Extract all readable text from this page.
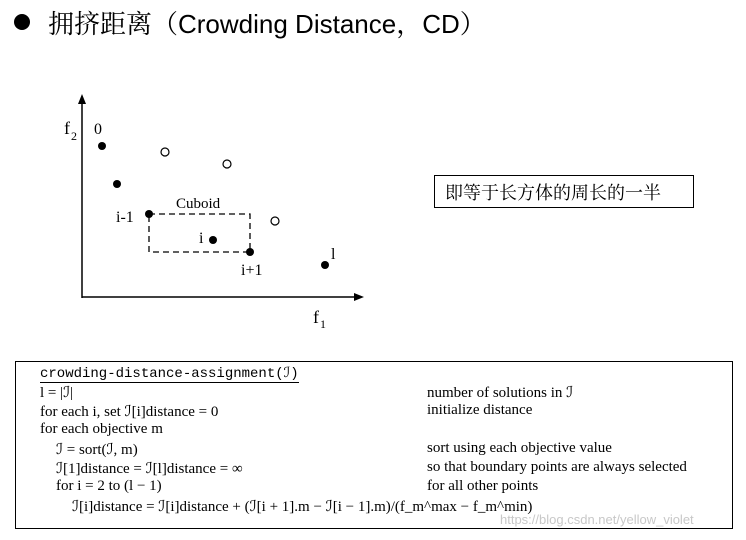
拥挤距离（Crowding Distance，CD）
f 2
f 1
Cuboid
0
i-1
i
i+1
l
即等于长方体的周长的一半
crowding-distance-assignment(ℐ)
l = |ℐ|	number of solutions in ℐ
for each i, set ℐ[i]distance = 0	initialize distance
for each objective m
ℐ = sort(ℐ, m)	sort using each objective value
ℐ[1]distance = ℐ[l]distance = ∞	so that boundary points are always selected
for i = 2 to (l − 1)	for all other points
ℐ[i]distance = ℐ[i]distance + (ℐ[i + 1].m − ℐ[i − 1].m)/(f_m^max − f_m^min)
https://blog.csdn.net/yellow_violet
